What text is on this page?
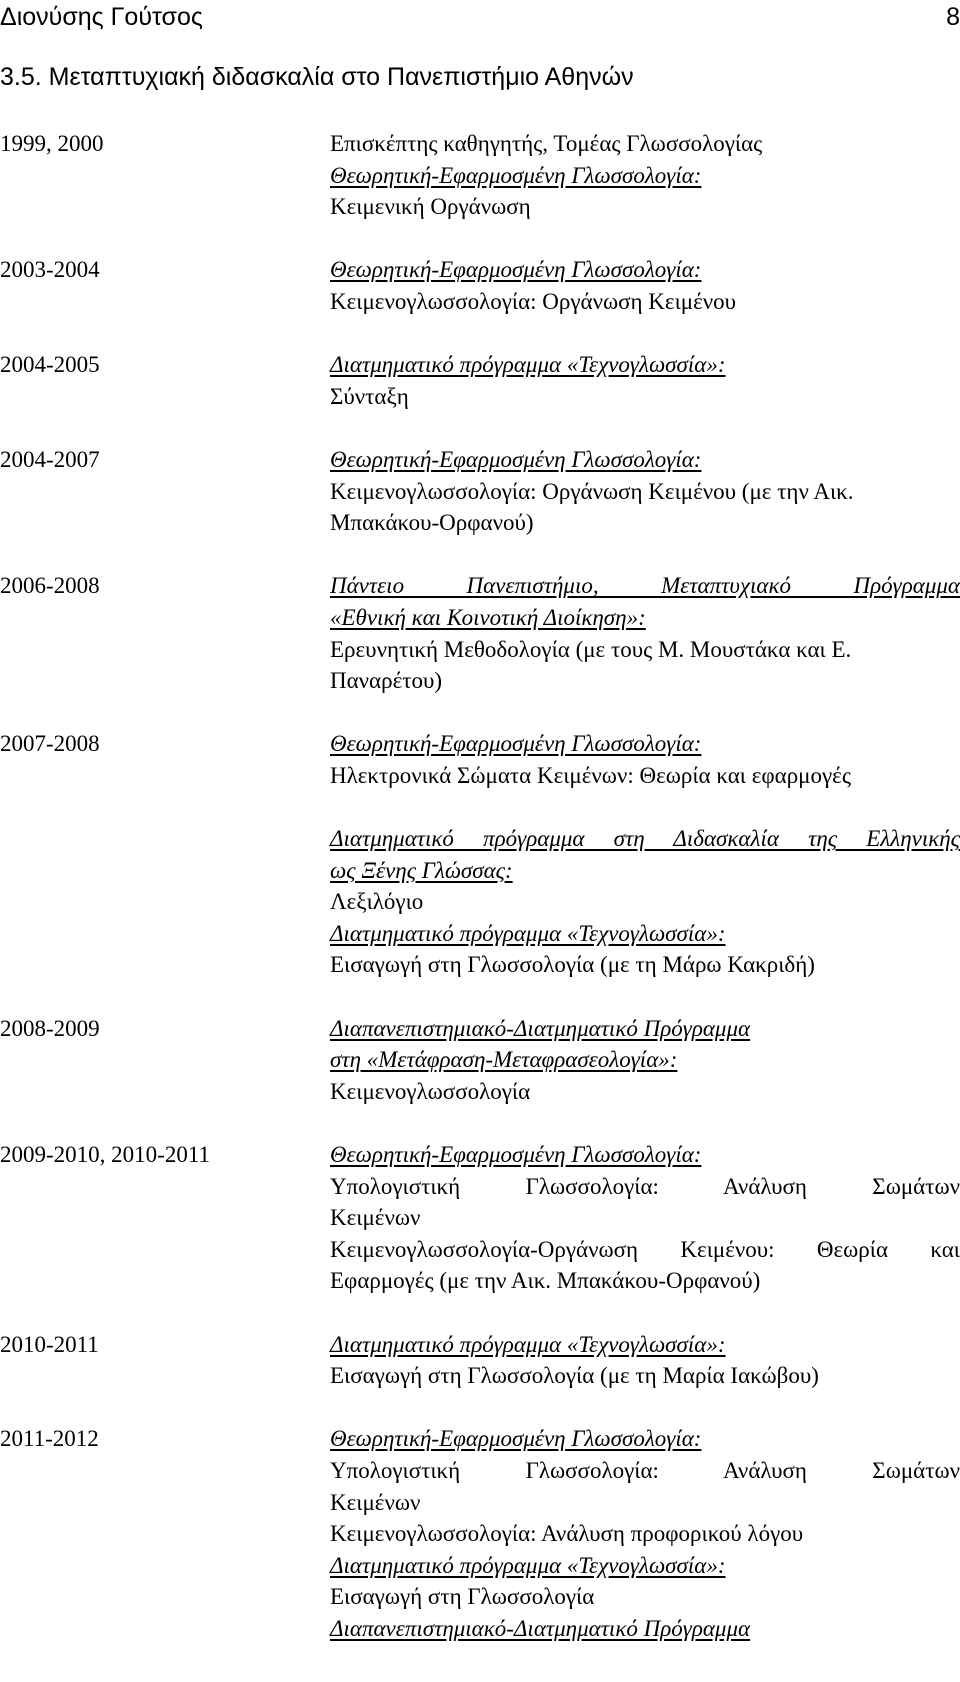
Διονύσης Γούτσος	8
3.5. Μεταπτυχιακή διδασκαλία στο Πανεπιστήμιο Αθηνών
1999, 2000	Επισκέπτης καθηγητής, Τομέας Γλωσσολογίας
Θεωρητική-Εφαρμοσμένη Γλωσσολογία:
Κειμενική Οργάνωση
2003-2004	Θεωρητική-Εφαρμοσμένη Γλωσσολογία:
Κειμενογλωσσολογία: Οργάνωση Κειμένου
2004-2005	Διατμηματικό πρόγραμμα «Τεχνογλωσσία»:
Σύνταξη
2004-2007	Θεωρητική-Εφαρμοσμένη Γλωσσολογία:
Κειμενογλωσσολογία: Οργάνωση Κειμένου (με την Αικ.
Μπακάκου-Ορφανού)
2006-2008	Πάντειο Πανεπιστήμιο, Μεταπτυχιακό Πρόγραμμα
«Εθνική και Κοινοτική Διοίκηση»:
Ερευνητική Μεθοδολογία (με τους Μ. Μουστάκα και Ε.
Παναρέτου)
2007-2008	Θεωρητική-Εφαρμοσμένη Γλωσσολογία:
Ηλεκτρονικά Σώματα Κειμένων: Θεωρία και εφαρμογές
Διατμηματικό πρόγραμμα στη Διδασκαλία της Ελληνικής
ως Ξένης Γλώσσας:
Λεξιλόγιο
Διατμηματικό πρόγραμμα «Τεχνογλωσσία»:
Εισαγωγή στη Γλωσσολογία (με τη Μάρω Κακριδή)
2008-2009	Διαπανεπιστημιακό-Διατμηματικό Πρόγραμμα
στη «Μετάφραση-Μεταφρασεολογία»:
Κειμενογλωσσολογία
2009-2010, 2010-2011	Θεωρητική-Εφαρμοσμένη Γλωσσολογία:
Υπολογιστική Γλωσσολογία: Ανάλυση Σωμάτων
Κειμένων
Κειμενογλωσσολογία-Οργάνωση Κειμένου: Θεωρία και
Εφαρμογές (με την Αικ. Μπακάκου-Ορφανού)
2010-2011	Διατμηματικό πρόγραμμα «Τεχνογλωσσία»:
Εισαγωγή στη Γλωσσολογία (με τη Μαρία Ιακώβου)
2011-2012	Θεωρητική-Εφαρμοσμένη Γλωσσολογία:
Υπολογιστική Γλωσσολογία: Ανάλυση Σωμάτων
Κειμένων
Κειμενογλωσσολογία: Ανάλυση προφορικού λόγου
Διατμηματικό πρόγραμμα «Τεχνογλωσσία»:
Εισαγωγή στη Γλωσσολογία
Διαπανεπιστημιακό-Διατμηματικό Πρόγραμμα
